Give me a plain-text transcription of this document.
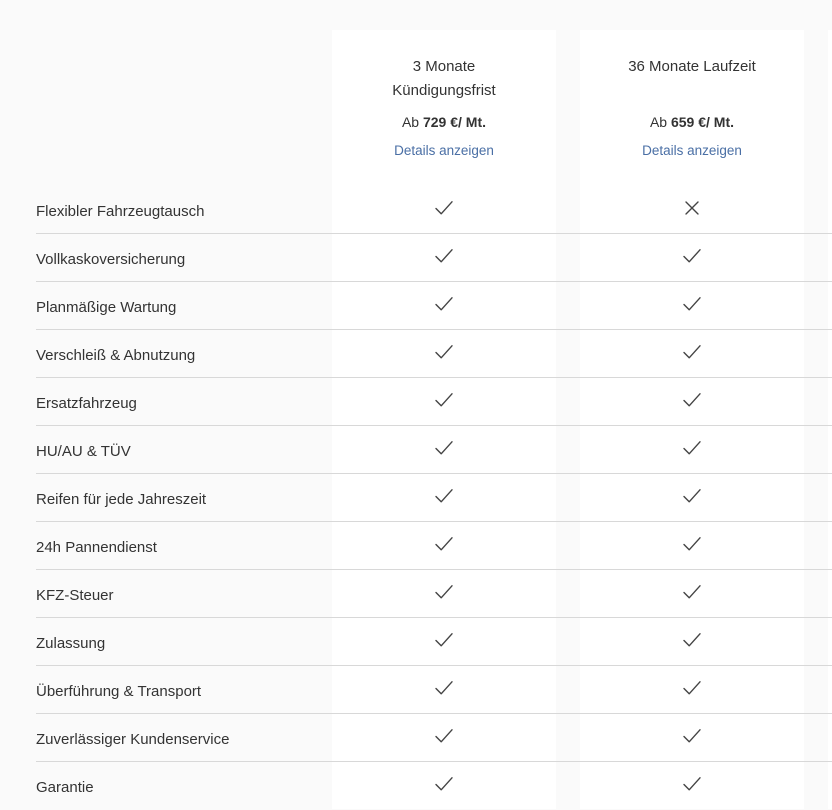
3 Monate Kündigungsfrist
Ab 729 €/ Mt.
Details anzeigen
36 Monate Laufzeit
Ab 659 €/ Mt.
Details anzeigen
Flexibler Fahrzeugtausch
Vollkaskoversicherung
Planmäßige Wartung
Verschleiß & Abnutzung
Ersatzfahrzeug
HU/AU & TÜV
Reifen für jede Jahreszeit
24h Pannendienst
KFZ-Steuer
Zulassung
Überführung & Transport
Zuverlässiger Kundenservice
Garantie
